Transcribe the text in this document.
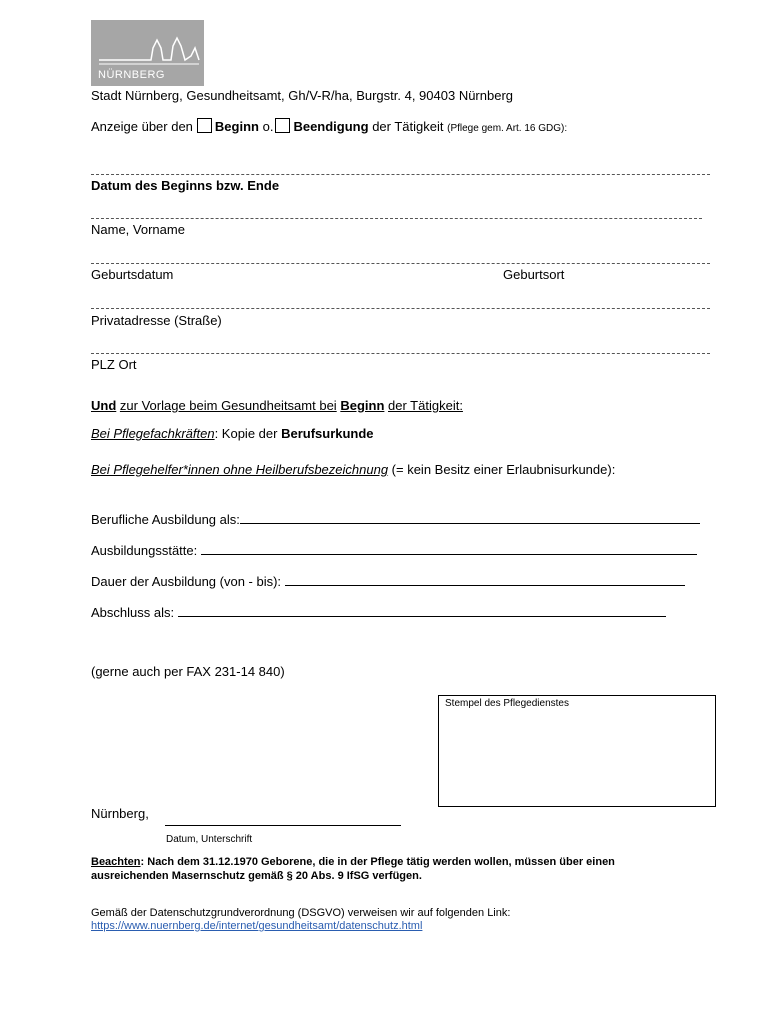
NÜRNBERG
Stadt Nürnberg, Gesundheitsamt, Gh/V-R/ha, Burgstr. 4, 90403 Nürnberg
Anzeige über den Beginn o. Beendigung der Tätigkeit (Pflege gem. Art. 16 GDG):
Datum des Beginns bzw. Ende
Name, Vorname
Geburtsdatum	Geburtsort
Privatadresse (Straße)
PLZ Ort
Und zur Vorlage beim Gesundheitsamt bei Beginn der Tätigkeit:
Bei Pflegefachkräften: Kopie der Berufsurkunde
Bei Pflegehelfer*innen ohne Heilberufsbezeichnung (= kein Besitz einer Erlaubnisurkunde):
Berufliche Ausbildung als:
Ausbildungsstätte:
Dauer der Ausbildung (von - bis):
Abschluss als:
(gerne auch per FAX 231-14 840)
Stempel des Pflegedienstes
Nürnberg,
Datum, Unterschrift
Beachten: Nach dem 31.12.1970 Geborene, die in der Pflege tätig werden wollen, müssen über einen ausreichenden Masernschutz gemäß § 20 Abs. 9 IfSG verfügen.
Gemäß der Datenschutzgrundverordnung (DSGVO) verweisen wir auf folgenden Link:
https://www.nuernberg.de/internet/gesundheitsamt/datenschutz.html
